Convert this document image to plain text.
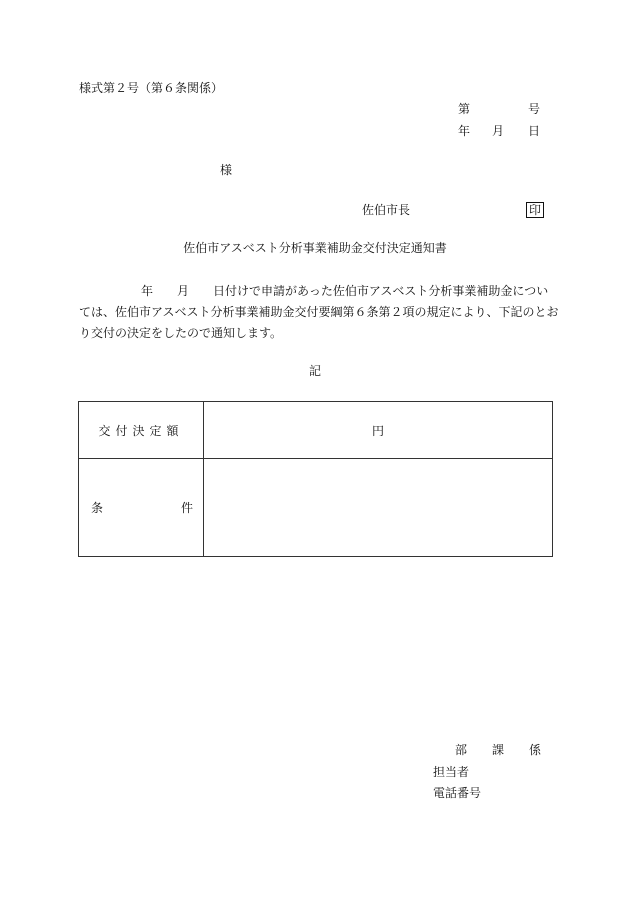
様式第２号（第６条関係）
第	号
年 月 日
様
佐伯市長	印
佐伯市アスベスト分析事業補助金交付決定通知書
年 月 日付けで申請があった佐伯市アスベスト分析事業補助金につい
ては、佐伯市アスベスト分析事業補助金交付要綱第６条第２項の規定により、下記のとお
り交付の決定をしたので通知します。
記
交付決定額	円

条 件	

部 課 係
担当者
電話番号
